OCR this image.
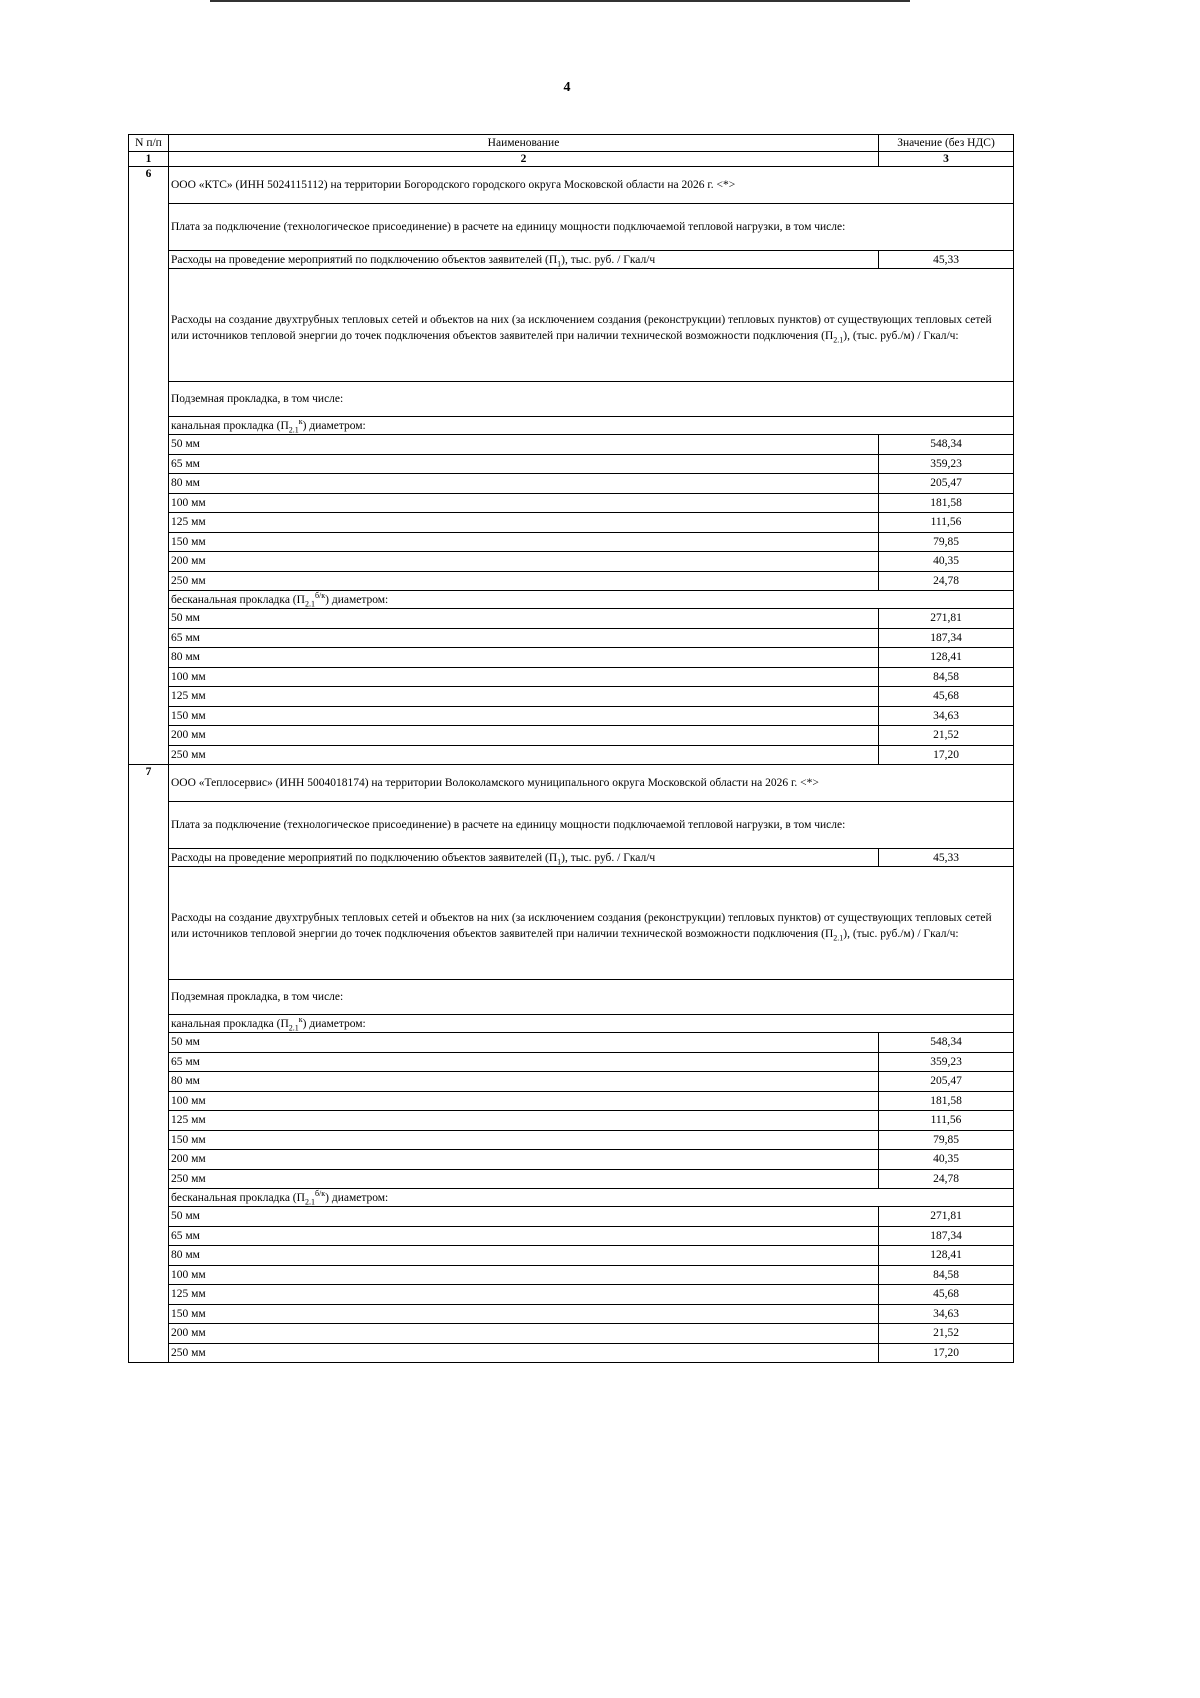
4
N п/п	Наименование	Значение (без НДС)
1	2	3
6	ООО «КТС» (ИНН 5024115112) на территории Богородского городского округа Московской области на 2026 г. <*>	
	Плата за подключение (технологическое присоединение) в расчете на единицу мощности подключаемой тепловой нагрузки, в том числе:	
	Расходы на проведение мероприятий по подключению объектов заявителей $(П_1)$, тыс. руб. / Гкал/ч	45,33
	Расходы на создание двухтрубных тепловых сетей и объектов на них (за исключением создания (реконструкции) тепловых пунктов) от существующих тепловых сетей или источников тепловой энергии до точек подключения объектов заявителей при наличии технической возможности подключения $(П_{2.1})$, (тыс. руб./м) / Гкал/ч:	
	Подземная прокладка, в том числе:	
	канальная прокладка $(П_{2.1}^к)$ диаметром:	
	50 мм	548,34
	65 мм	359,23
	80 мм	205,47
	100 мм	181,58
	125 мм	111,56
	150 мм	79,85
	200 мм	40,35
	250 мм	24,78
	бесканальная прокладка $(П_{2.1}^{б/к})$ диаметром:	
	50 мм	271,81
	65 мм	187,34
	80 мм	128,41
	100 мм	84,58
	125 мм	45,68
	150 мм	34,63
	200 мм	21,52
	250 мм	17,20
7	ООО «Теплосервис» (ИНН 5004018174) на территории Волоколамского муниципального округа Московской области на 2026 г. <*>	
	Плата за подключение (технологическое присоединение) в расчете на единицу мощности подключаемой тепловой нагрузки, в том числе:	
	Расходы на проведение мероприятий по подключению объектов заявителей $(П_1)$, тыс. руб. / Гкал/ч	45,33
	Расходы на создание двухтрубных тепловых сетей и объектов на них (за исключением создания (реконструкции) тепловых пунктов) от существующих тепловых сетей или источников тепловой энергии до точек подключения объектов заявителей при наличии технической возможности подключения $(П_{2.1})$, (тыс. руб./м) / Гкал/ч:	
	Подземная прокладка, в том числе:	
	канальная прокладка $(П_{2.1}^к)$ диаметром:	
	50 мм	548,34
	65 мм	359,23
	80 мм	205,47
	100 мм	181,58
	125 мм	111,56
	150 мм	79,85
	200 мм	40,35
	250 мм	24,78
	бесканальная прокладка $(П_{2.1}^{б/к})$ диаметром:	
	50 мм	271,81
	65 мм	187,34
	80 мм	128,41
	100 мм	84,58
	125 мм	45,68
	150 мм	34,63
	200 мм	21,52
	250 мм	17,20
